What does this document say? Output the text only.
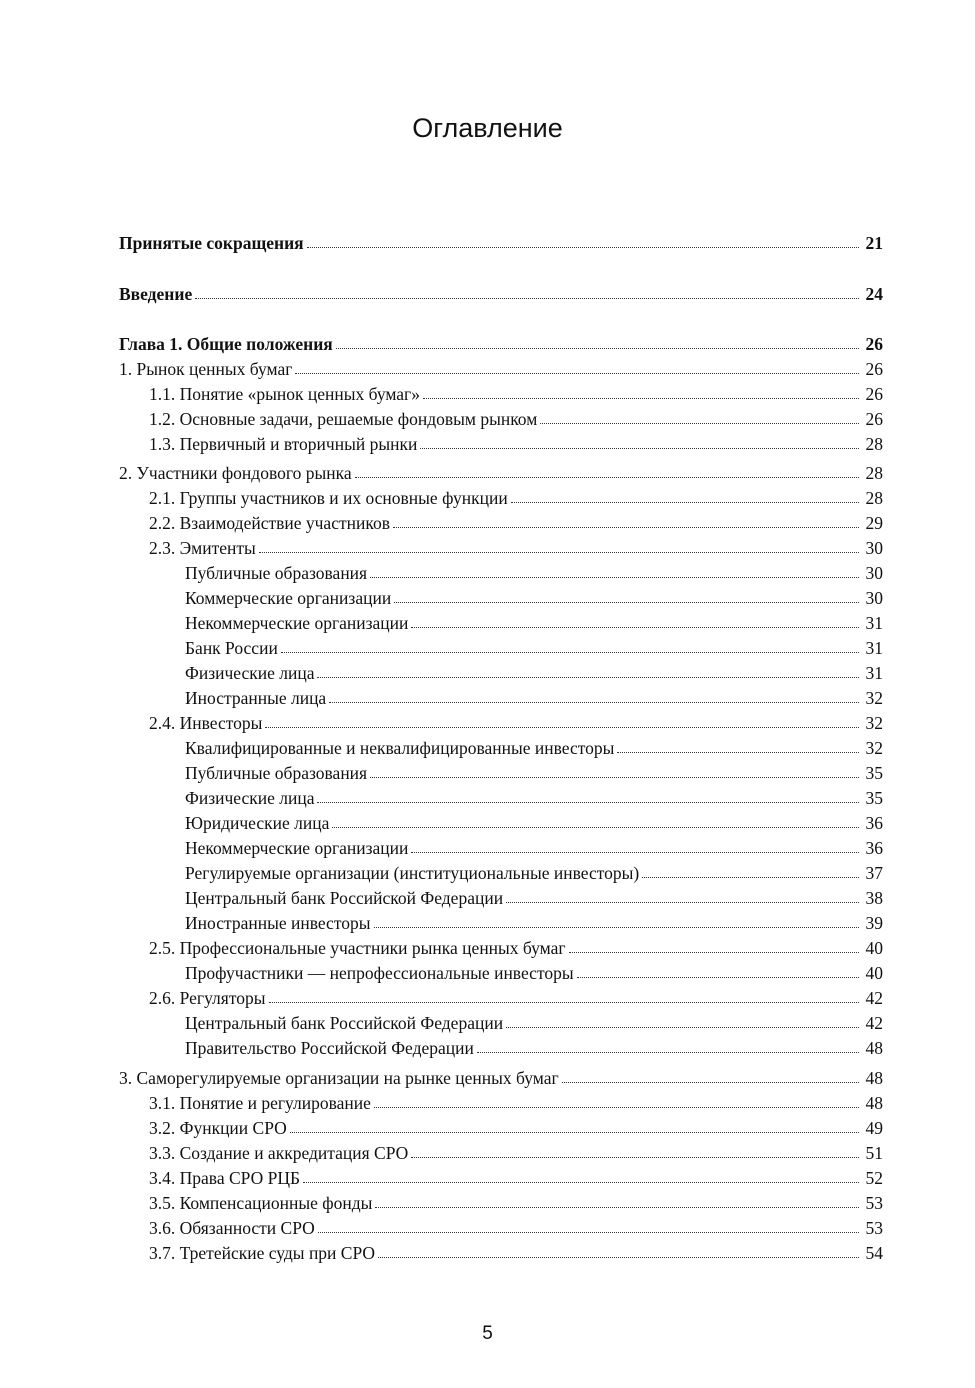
Оглавление
Принятые сокращения	21
Введение	24
Глава 1. Общие положения	26
1. Рынок ценных бумаг	26
1.1. Понятие «рынок ценных бумаг»	26
1.2. Основные задачи, решаемые фондовым рынком	26
1.3. Первичный и вторичный рынки	28
2. Участники фондового рынка	28
2.1. Группы участников и их основные функции	28
2.2. Взаимодействие участников	29
2.3. Эмитенты	30
Публичные образования	30
Коммерческие организации	30
Некоммерческие организации	31
Банк России	31
Физические лица	31
Иностранные лица	32
2.4. Инвесторы	32
Квалифицированные и неквалифицированные инвесторы	32
Публичные образования	35
Физические лица	35
Юридические лица	36
Некоммерческие организации	36
Регулируемые организации (институциональные инвесторы)	37
Центральный банк Российской Федерации	38
Иностранные инвесторы	39
2.5. Профессиональные участники рынка ценных бумаг	40
Профучастники — непрофессиональные инвесторы	40
2.6. Регуляторы	42
Центральный банк Российской Федерации	42
Правительство Российской Федерации	48
3. Саморегулируемые организации на рынке ценных бумаг	48
3.1. Понятие и регулирование	48
3.2. Функции СРО	49
3.3. Создание и аккредитация СРО	51
3.4. Права СРО РЦБ	52
3.5. Компенсационные фонды	53
3.6. Обязанности СРО	53
3.7. Третейские суды при СРО	54
5
